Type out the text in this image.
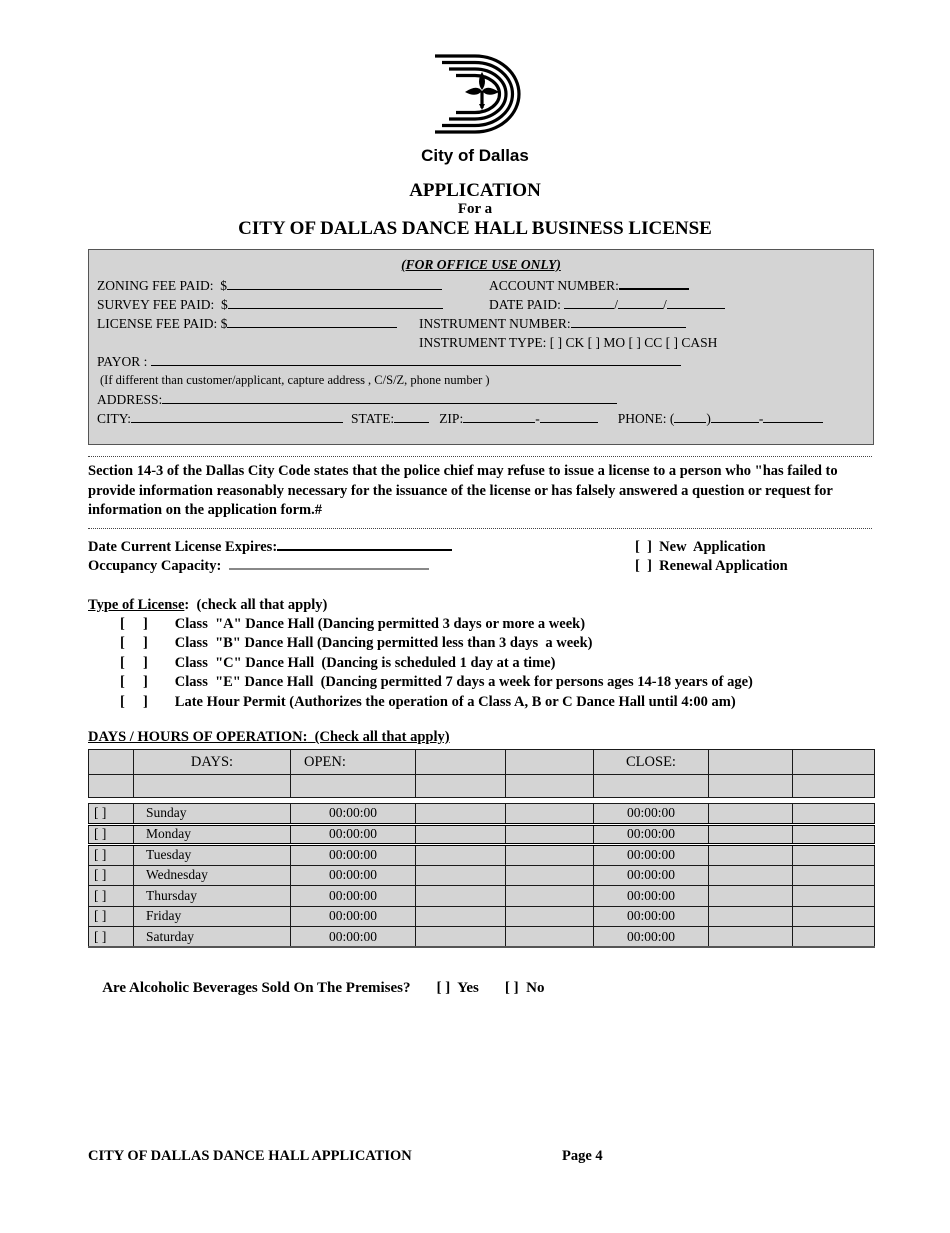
City of Dallas
APPLICATION
For a
CITY OF DALLAS DANCE HALL BUSINESS LICENSE
(FOR OFFICE USE ONLY)
ZONING FEE PAID:  $	ACCOUNT NUMBER:
SURVEY FEE PAID:  $	DATE PAID:	/	/
LICENSE FEE PAID: $	INSTRUMENT NUMBER:
INSTRUMENT TYPE: [ ] CK [ ] MO [ ] CC [ ] CASH
PAYOR :
(If different than customer/applicant, capture address , C/S/Z, phone number )
ADDRESS:
CITY:	STATE:	ZIP:	-	PHONE: ( )	-

Section 14-3 of the Dallas City Code states that the police chief may refuse to issue a license to a person who "has failed to provide information reasonably necessary for the issuance of the license or has falsely answered a question or request for information on the application form.#

Date Current License Expires:	[  ]  New  Application
Occupancy Capacity:	[  ]  Renewal Application
Type of License:  (check all that apply)
[     ] Class  "A" Dance Hall (Dancing permitted 3 days or more a week)
[     ] Class  "B" Dance Hall (Dancing permitted less than 3 days  a week)
[     ] Class  "C" Dance Hall  (Dancing is scheduled 1 day at a time)
[     ] Class  "E" Dance Hall  (Dancing permitted 7 days a week for persons ages 14-18 years of age)
[     ] Late Hour Permit (Authorizes the operation of a Class A, B or C Dance Hall until 4:00 am)
DAYS / HOURS OF OPERATION:  (Check all that apply)
	DAYS:	OPEN:			CLOSE:		

[ ]	Sunday	00:00:00			00:00:00		
[ ]	Monday	00:00:00			00:00:00		
[ ]	Tuesday	00:00:00			00:00:00		
[ ]	Wednesday	00:00:00			00:00:00		
[ ]	Thursday	00:00:00			00:00:00		
[ ]	Friday	00:00:00			00:00:00		
[ ]	Saturday	00:00:00			00:00:00		

Are Alcoholic Beverages Sold On The Premises? [ ]  Yes [ ]  No

CITY OF DALLAS DANCE HALL APPLICATION	Page 4
